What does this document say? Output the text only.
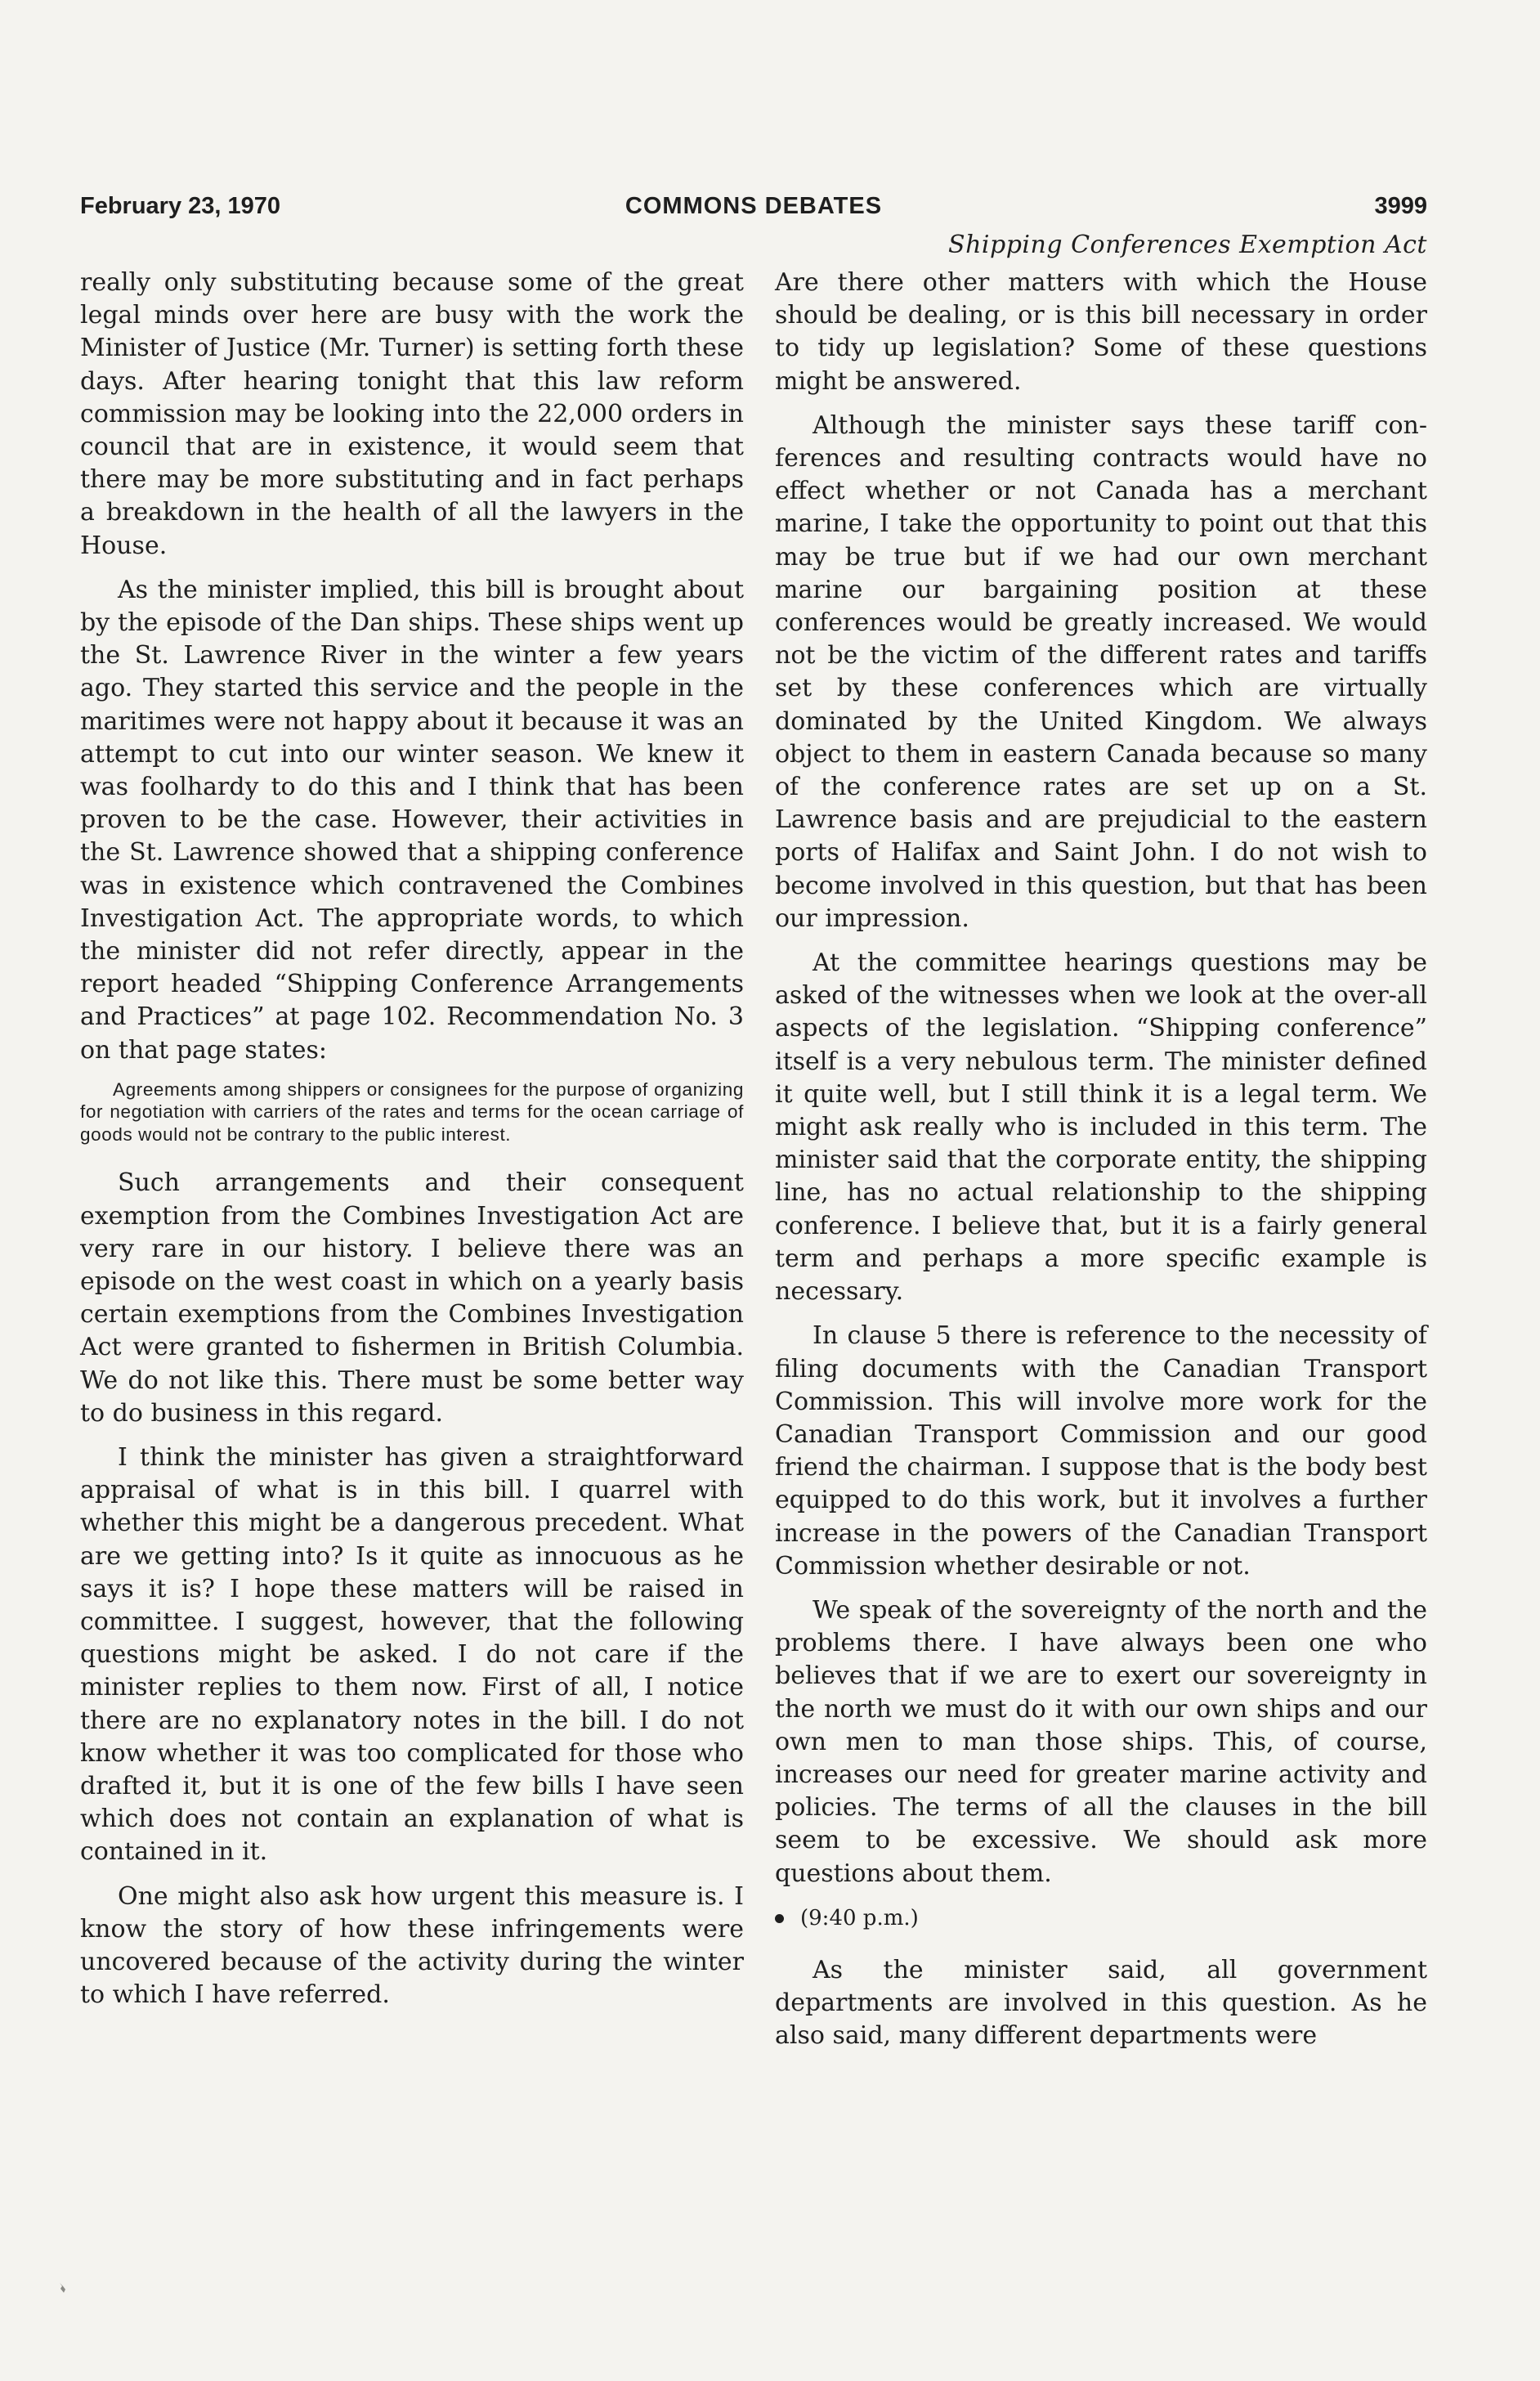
February 23, 1970	COMMONS DEBATES	3999
Shipping Conferences Exemption Act

really only substituting because some of the great legal minds over here are busy with the work the Minister of Justice (Mr. Turner) is setting forth these days. After hearing tonight that this law reform commission may be looking into the 22,000 orders in council that are in existence, it would seem that there may be more substituting and in fact perhaps a breakdown in the health of all the lawyers in the House.

As the minister implied, this bill is brought about by the episode of the Dan ships. These ships went up the St. Lawrence River in the winter a few years ago. They started this service and the people in the maritimes were not happy about it because it was an attempt to cut into our winter season. We knew it was foolhardy to do this and I think that has been proven to be the case. However, their activities in the St. Lawrence showed that a shipping conference was in existence which contravened the Combines Investigation Act. The appropriate words, to which the minister did not refer directly, appear in the report headed “Shipping Conference Arrangements and Practices” at page 102. Recommendation No. 3 on that page states:

Agreements among shippers or consignees for the purpose of organizing for negotiation with carriers of the rates and terms for the ocean carriage of goods would not be contrary to the public interest.

Such arrangements and their consequent exemption from the Combines Investigation Act are very rare in our history. I believe there was an episode on the west coast in which on a yearly basis certain exemptions from the Combines Investigation Act were granted to fishermen in British Columbia. We do not like this. There must be some better way to do business in this regard.

I think the minister has given a straightforward appraisal of what is in this bill. I quarrel with whether this might be a dangerous precedent. What are we getting into? Is it quite as innocuous as he says it is? I hope these matters will be raised in committee. I suggest, however, that the following questions might be asked. I do not care if the minister replies to them now. First of all, I notice there are no explanatory notes in the bill. I do not know whether it was too complicated for those who drafted it, but it is one of the few bills I have seen which does not contain an explanation of what is contained in it.

One might also ask how urgent this measure is. I know the story of how these infringements were uncovered because of the activity during the winter to which I have referred.

Are there other matters with which the House should be dealing, or is this bill necessary in order to tidy up legislation? Some of these questions might be answered.

Although the minister says these tariff conferences and resulting contracts would have no effect whether or not Canada has a merchant marine, I take the opportunity to point out that this may be true but if we had our own merchant marine our bargaining position at these conferences would be greatly increased. We would not be the victim of the different rates and tariffs set by these conferences which are virtually dominated by the United Kingdom. We always object to them in eastern Canada because so many of the conference rates are set up on a St. Lawrence basis and are prejudicial to the eastern ports of Halifax and Saint John. I do not wish to become involved in this question, but that has been our impression.

At the committee hearings questions may be asked of the witnesses when we look at the over-all aspects of the legislation. “Shipping conference” itself is a very nebulous term. The minister defined it quite well, but I still think it is a legal term. We might ask really who is included in this term. The minister said that the corporate entity, the shipping line, has no actual relationship to the shipping conference. I believe that, but it is a fairly general term and perhaps a more specific example is necessary.

In clause 5 there is reference to the necessity of filing documents with the Canadian Transport Commission. This will involve more work for the Canadian Transport Commission and our good friend the chairman. I suppose that is the body best equipped to do this work, but it involves a further increase in the powers of the Canadian Transport Commission whether desirable or not.

We speak of the sovereignty of the north and the problems there. I have always been one who believes that if we are to exert our sovereignty in the north we must do it with our own ships and our own men to man those ships. This, of course, increases our need for greater marine activity and policies. The terms of all the clauses in the bill seem to be excessive. We should ask more questions about them.

(9:40 p.m.)

As the minister said, all government departments are involved in this question. As he also said, many different departments were
